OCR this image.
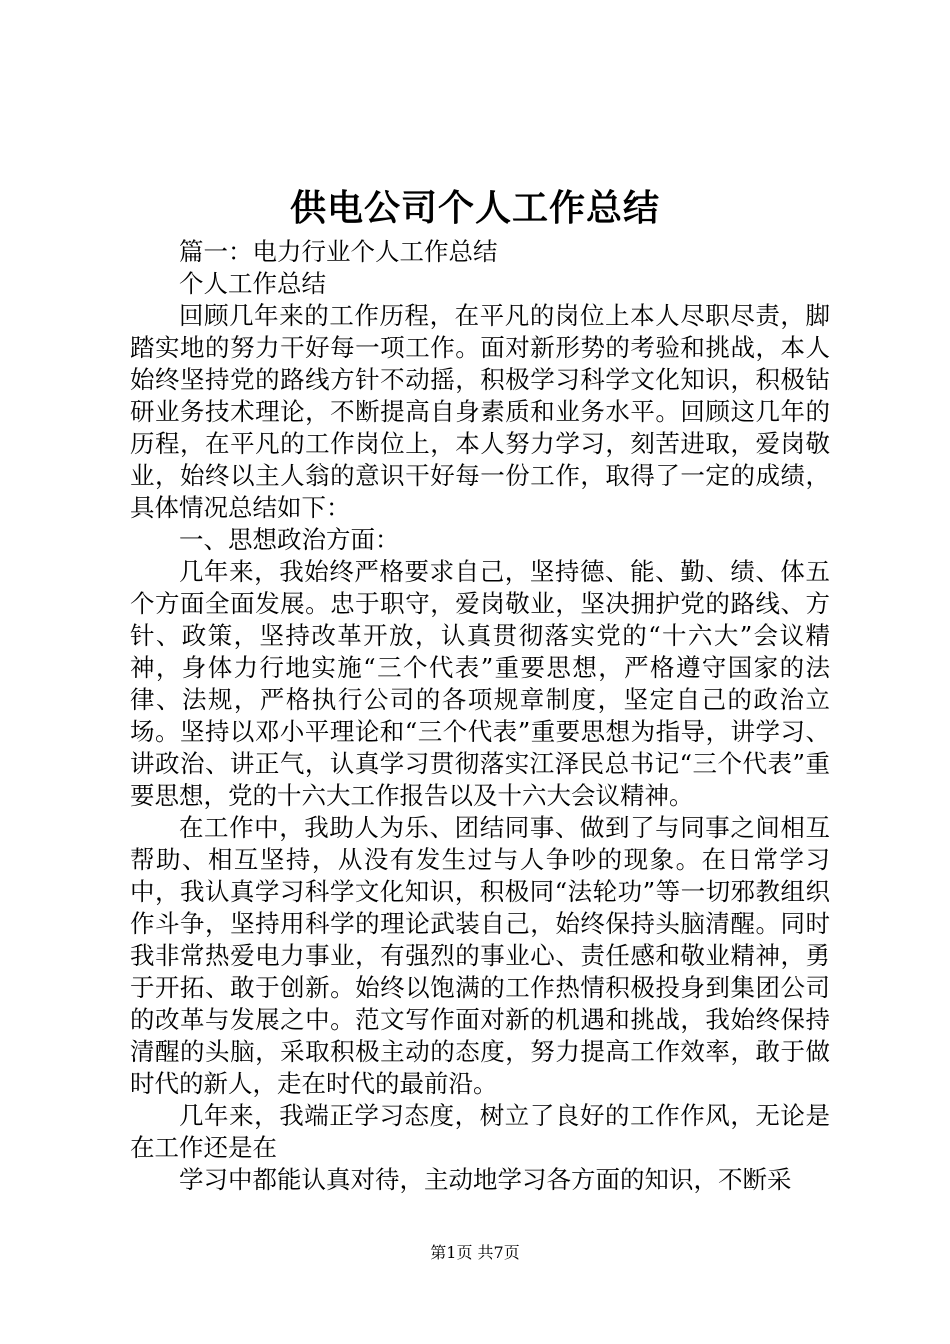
供电公司个人工作总结

篇一：电力行业个人工作总结

个人工作总结

回顾几年来的工作历程，在平凡的岗位上本人尽职尽责，脚踏实地的努力干好每一项工作。面对新形势的考验和挑战，本人始终坚持党的路线方针不动摇，积极学习科学文化知识，积极钻研业务技术理论，不断提高自身素质和业务水平。回顾这几年的历程，在平凡的工作岗位上，本人努力学习，刻苦进取，爱岗敬业，始终以主人翁的意识干好每一份工作，取得了一定的成绩，具体情况总结如下：

一、思想政治方面：

几年来，我始终严格要求自己，坚持德、能、勤、绩、体五个方面全面发展。忠于职守，爱岗敬业，坚决拥护党的路线、方针、政策，坚持改革开放，认真贯彻落实党的“十六大”会议精神，身体力行地实施“三个代表”重要思想，严格遵守国家的法律、法规，严格执行公司的各项规章制度，坚定自己的政治立场。坚持以邓小平理论和“三个代表”重要思想为指导，讲学习、讲政治、讲正气，认真学习贯彻落实江泽民总书记“三个代表”重要思想，党的十六大工作报告以及十六大会议精神。

在工作中，我助人为乐、团结同事、做到了与同事之间相互帮助、相互坚持，从没有发生过与人争吵的现象。在日常学习中，我认真学习科学文化知识，积极同“法轮功”等一切邪教组织作斗争，坚持用科学的理论武装自己，始终保持头脑清醒。同时我非常热爱电力事业，有强烈的事业心、责任感和敬业精神，勇于开拓、敢于创新。始终以饱满的工作热情积极投身到集团公司的改革与发展之中。范文写作面对新的机遇和挑战，我始终保持清醒的头脑，采取积极主动的态度，努力提高工作效率，敢于做时代的新人，走在时代的最前沿。

几年来，我端正学习态度，树立了良好的工作作风，无论是在工作还是在

学习中都能认真对待，主动地学习各方面的知识，不断采

第1页 共7页
